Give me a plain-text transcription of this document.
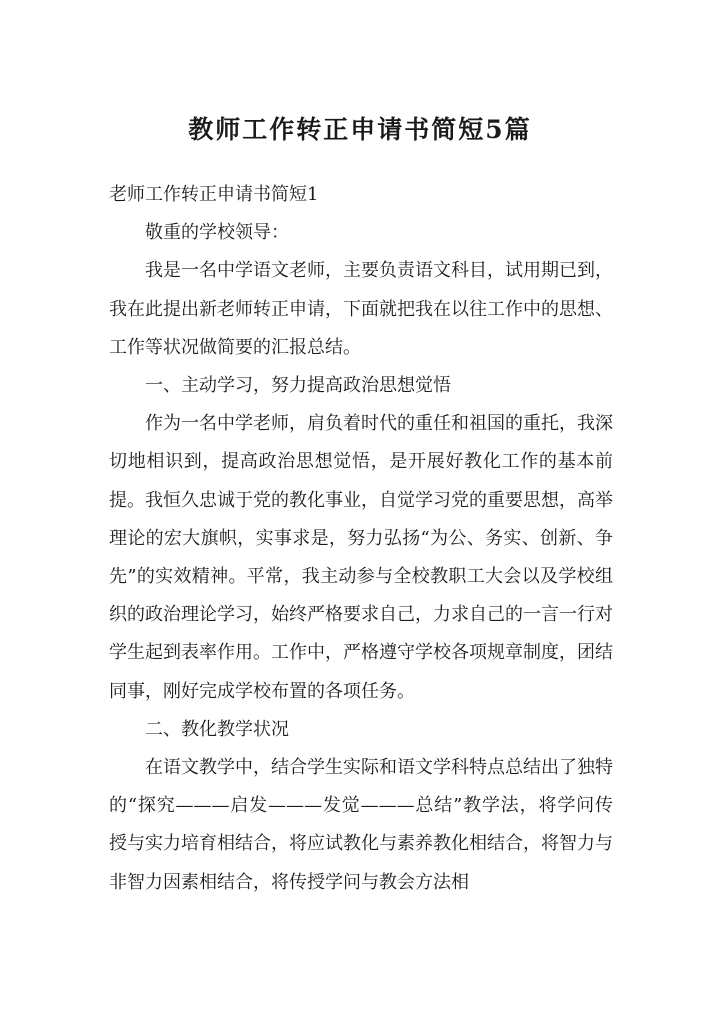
教师工作转正申请书简短5篇

老师工作转正申请书简短1

敬重的学校领导：

我是一名中学语文老师，主要负责语文科目，试用期已到，我在此提出新老师转正申请，下面就把我在以往工作中的思想、工作等状况做简要的汇报总结。

一、主动学习，努力提高政治思想觉悟

作为一名中学老师，肩负着时代的重任和祖国的重托，我深切地相识到，提高政治思想觉悟，是开展好教化工作的基本前提。我恒久忠诚于党的教化事业，自觉学习党的重要思想，高举理论的宏大旗帜，实事求是，努力弘扬“为公、务实、创新、争先”的实效精神。平常，我主动参与全校教职工大会以及学校组织的政治理论学习，始终严格要求自己，力求自己的一言一行对学生起到表率作用。工作中，严格遵守学校各项规章制度，团结同事，刚好完成学校布置的各项任务。

二、教化教学状况

在语文教学中，结合学生实际和语文学科特点总结出了独特的“探究———启发———发觉———总结”教学法，将学问传授与实力培育相结合，将应试教化与素养教化相结合，将智力与非智力因素相结合，将传授学问与教会方法相
